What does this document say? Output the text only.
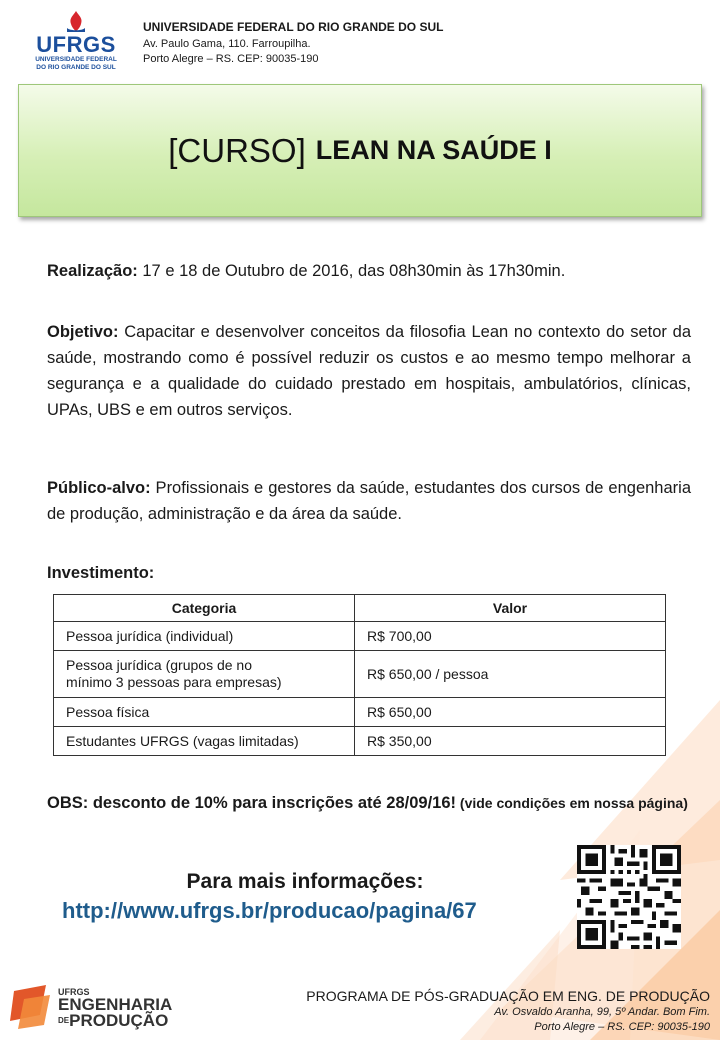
UFRGS
UNIVERSIDADE FEDERAL
DO RIO GRANDE DO SUL
UNIVERSIDADE FEDERAL DO RIO GRANDE DO SUL
Av. Paulo Gama, 110. Farroupilha.
Porto Alegre – RS. CEP: 90035-190
[CURSO] LEAN NA SAÚDE I
Realização: 17 e 18 de Outubro de 2016, das 08h30min às 17h30min.
Objetivo: Capacitar e desenvolver conceitos da filosofia Lean no contexto do setor da saúde, mostrando como é possível reduzir os custos e ao mesmo tempo melhorar a segurança e a qualidade do cuidado prestado em hospitais, ambulatórios, clínicas, UPAs, UBS e em outros serviços.
Público-alvo: Profissionais e gestores da saúde, estudantes dos cursos de engenharia de produção, administração e da área da saúde.
Investimento:
Categoria	Valor
Pessoa jurídica (individual)	R$ 700,00
Pessoa jurídica (grupos de no
mínimo 3 pessoas para empresas)	R$ 650,00 / pessoa
Pessoa física	R$ 650,00
Estudantes UFRGS (vagas limitadas)	R$ 350,00
OBS: desconto de 10% para inscrições até 28/09/16! (vide condições em nossa página)
Para mais informações:
http://www.ufrgs.br/producao/pagina/67
UFRGS
ENGENHARIA
$^{DE}$PRODUÇÃO
PROGRAMA DE PÓS-GRADUAÇÃO EM ENG. DE PRODUÇÃO
Av. Osvaldo Aranha, 99, 5º Andar. Bom Fim.
Porto Alegre – RS. CEP: 90035-190
